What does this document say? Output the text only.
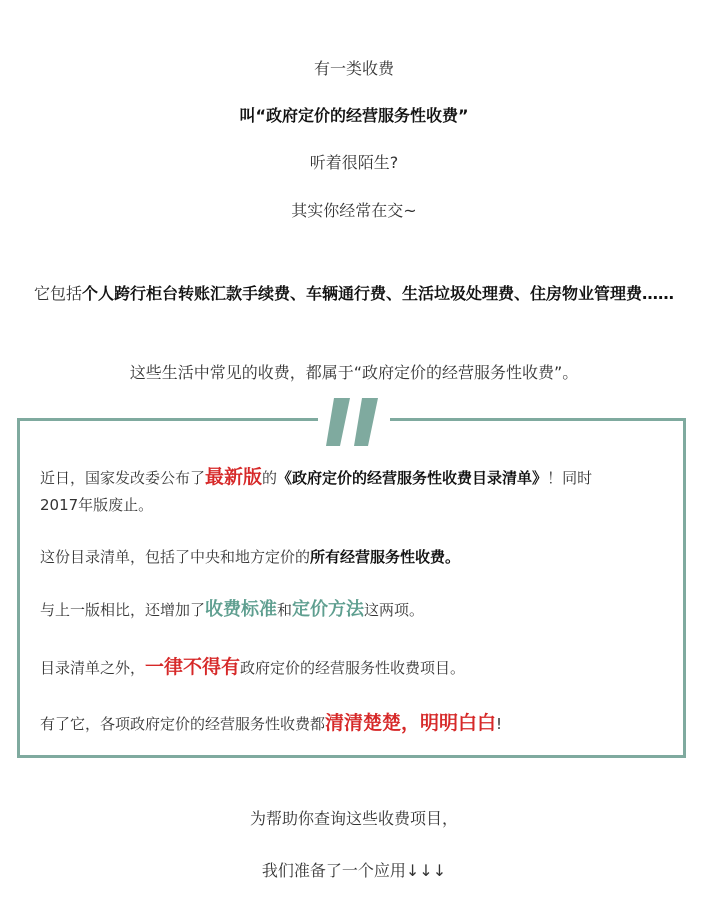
有一类收费
叫“政府定价的经营服务性收费”
听着很陌生?
其实你经常在交~
它包括个人跨行柜台转账汇款手续费、车辆通行费、生活垃圾处理费、住房物业管理费……
这些生活中常见的收费，都属于“政府定价的经营服务性收费”。
近日，国家发改委公布了最新版的《政府定价的经营服务性收费目录清单》！同时
2017年版废止。
这份目录清单，包括了中央和地方定价的所有经营服务性收费。
与上一版相比，还增加了收费标准和定价方法这两项。
目录清单之外，一律不得有政府定价的经营服务性收费项目。
有了它，各项政府定价的经营服务性收费都清清楚楚，明明白白!
为帮助你查询这些收费项目，
我们准备了一个应用↓↓↓
